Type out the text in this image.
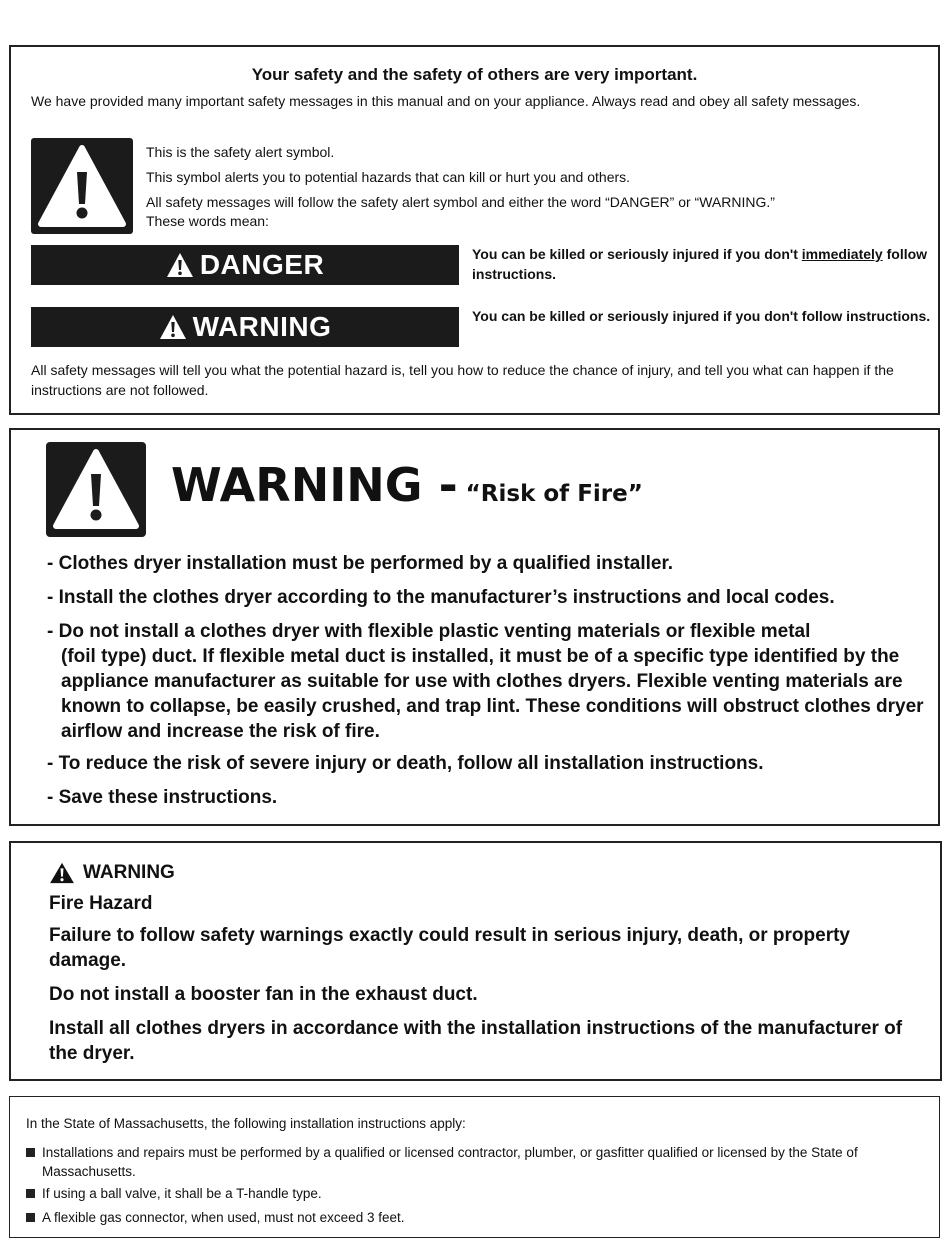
Your safety and the safety of others are very important.
We have provided many important safety messages in this manual and on your appliance. Always read and obey all safety messages.
This is the safety alert symbol.
This symbol alerts you to potential hazards that can kill or hurt you and others.
All safety messages will follow the safety alert symbol and either the word “DANGER” or “WARNING.”
These words mean:
DANGER	You can be killed or seriously injured if you don't immediately follow instructions.
WARNING	You can be killed or seriously injured if you don't follow instructions.
All safety messages will tell you what the potential hazard is, tell you how to reduce the chance of injury, and tell you what can happen if the instructions are not followed.
WARNING - “Risk of Fire”
- Clothes dryer installation must be performed by a qualified installer.
- Install the clothes dryer according to the manufacturer’s instructions and local codes.
- Do not install a clothes dryer with flexible plastic venting materials or flexible metal
(foil type) duct. If flexible metal duct is installed, it must be of a specific type identified by the appliance manufacturer as suitable for use with clothes dryers. Flexible venting materials are known to collapse, be easily crushed, and trap lint. These conditions will obstruct clothes dryer airflow and increase the risk of fire.
- To reduce the risk of severe injury or death, follow all installation instructions.
- Save these instructions.
WARNING
Fire Hazard
Failure to follow safety warnings exactly could result in serious injury, death, or property damage.
Do not install a booster fan in the exhaust duct.
Install all clothes dryers in accordance with the installation instructions of the manufacturer of the dryer.
In the State of Massachusetts, the following installation instructions apply:
Installations and repairs must be performed by a qualified or licensed contractor, plumber, or gasfitter qualified or licensed by the State of Massachusetts.
If using a ball valve, it shall be a T-handle type.
A flexible gas connector, when used, must not exceed 3 feet.
